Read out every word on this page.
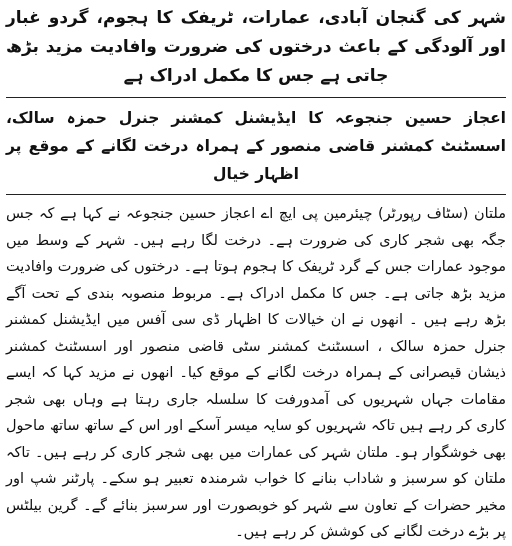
شہر کی گنجان آبادی، عمارات، ٹریفک کا ہجوم، گردو غبار اور آلودگی کے باعث درختوں کی ضرورت وافادیت مزید بڑھ جاتی ہے جس کا مکمل ادراک ہے

اعجاز حسین جنجوعہ کا ایڈیشنل کمشنر جنرل حمزہ سالک، اسسٹنٹ کمشنر قاضی منصور کے ہمراہ درخت لگانے کے موقع پر اظہار خیال

ملتان (سٹاف رپورٹر) چیئرمین پی ایچ اے اعجاز حسین جنجوعہ نے کہا ہے کہ جس جگہ بھی شجر کاری کی ضرورت ہے۔ درخت لگا رہے ہیں۔ شہر کے وسط میں موجود عمارات جس کے گرد ٹریفک کا ہجوم ہوتا ہے۔ درختوں کی ضرورت وافادیت مزید بڑھ جاتی ہے۔ جس کا مکمل ادراک ہے۔ مربوط منصوبہ بندی کے تحت آگے بڑھ رہے ہیں ۔ انھوں نے ان خیالات کا اظہار ڈی سی آفس میں ایڈیشنل کمشنر جنرل حمزہ سالک ، اسسٹنٹ کمشنر سٹی قاضی منصور اور اسسٹنٹ کمشنر ذیشان قیصرانی کے ہمراہ درخت لگانے کے موقع کیا۔ انھوں نے مزید کہا کہ ایسے مقامات جہاں شہریوں کی آمدورفت کا سلسلہ جاری رہتا ہے وہاں بھی شجر کاری کر رہے ہیں تاکہ شہریوں کو سایہ میسر آسکے اور اس کے ساتھ ساتھ ماحول بھی خوشگوار ہو۔ ملتان شہر کی عمارات میں بھی شجر کاری کر رہے ہیں۔ تاکہ ملتان کو سرسبز و شاداب بنانے کا خواب شرمندہ تعبیر ہو سکے۔ پارٹنر شپ اور مخیر حضرات کے تعاون سے شہر کو خوبصورت اور سرسبز بنائے گے۔ گرین بیلٹس پر بڑے درخت لگانے کی کوشش کر رہے ہیں۔
